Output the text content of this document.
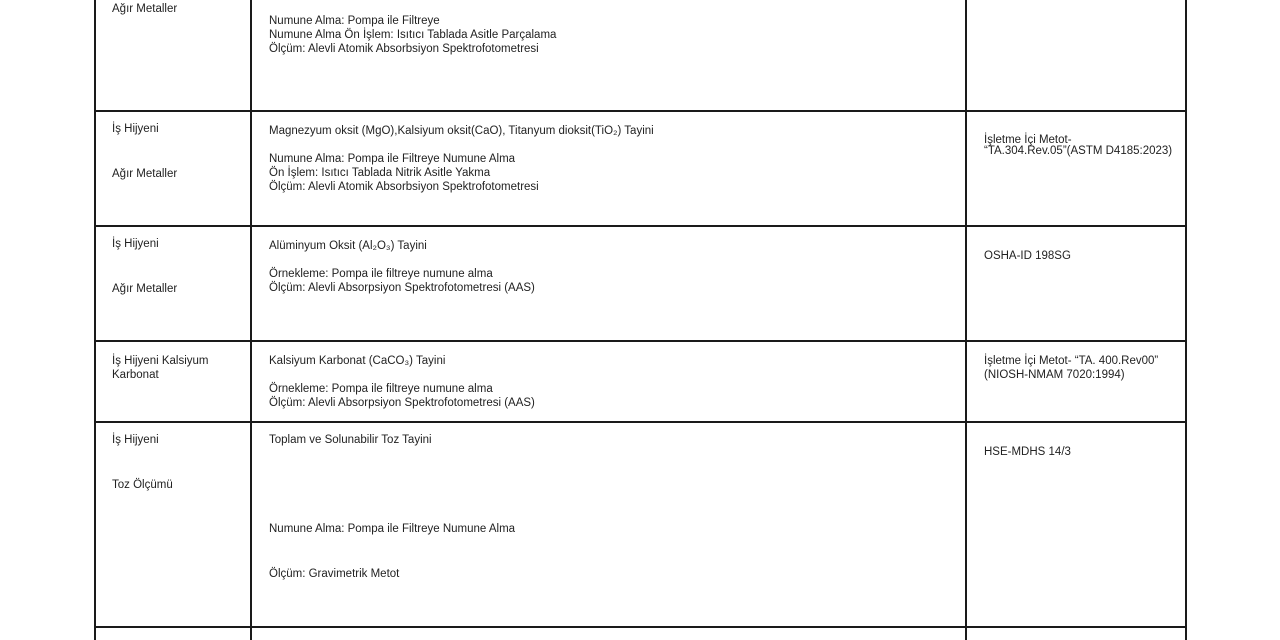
Ağır Metaller
Numune Alma: Pompa ile Filtreye
Numune Alma Ön İşlem: Isıtıcı Tablada Asitle Parçalama
Ölçüm: Alevli Atomik Absorbsiyon Spektrofotometresi
İş Hijyeni
Ağır Metaller
Magnezyum oksit (MgO),Kalsiyum oksit(CaO), Titanyum dioksit(TiO₂) Tayini
Numune Alma: Pompa ile Filtreye Numune Alma
Ön İşlem: Isıtıcı Tablada Nitrik Asitle Yakma
Ölçüm: Alevli Atomik Absorbsiyon Spektrofotometresi
İşletme İçi Metot-
“TA.304.Rev.05”(ASTM D4185:2023)
İş Hijyeni
Ağır Metaller
Alüminyum Oksit (Al₂O₃) Tayini
Örnekleme: Pompa ile filtreye numune alma
Ölçüm: Alevli Absorpsiyon Spektrofotometresi (AAS)
OSHA-ID 198SG
İş Hijyeni Kalsiyum
Karbonat
Kalsiyum Karbonat (CaCO₃) Tayini
Örnekleme: Pompa ile filtreye numune alma
Ölçüm: Alevli Absorpsiyon Spektrofotometresi (AAS)
İşletme İçi Metot- “TA. 400.Rev00”
(NIOSH-NMAM 7020:1994)
İş Hijyeni
Toz Ölçümü
Toplam ve Solunabilir Toz Tayini
Numune Alma: Pompa ile Filtreye Numune Alma
Ölçüm: Gravimetrik Metot
HSE-MDHS 14/3
